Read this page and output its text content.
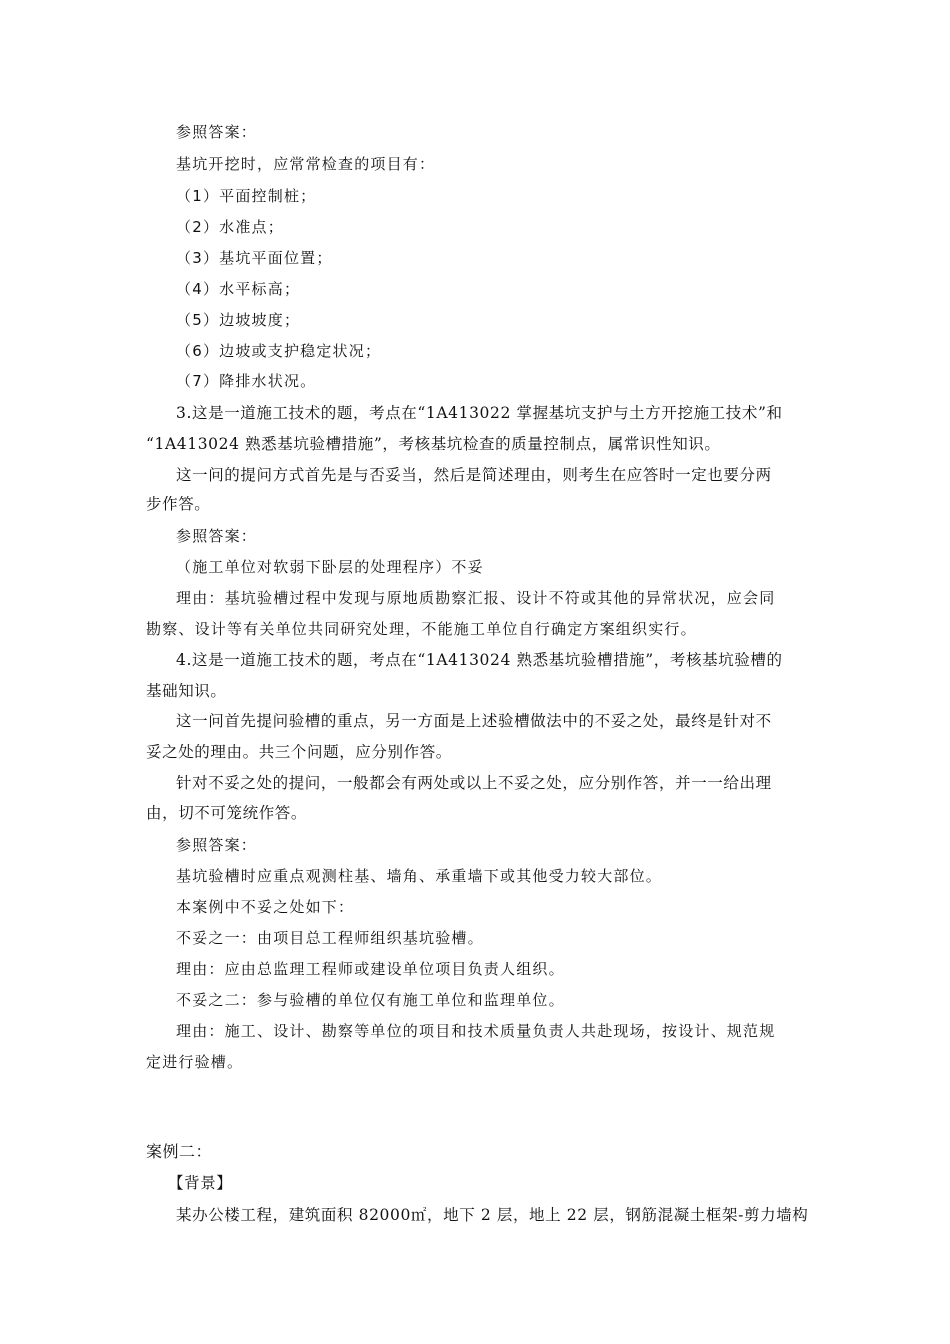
参照答案：
基坑开挖时，应常常检查的项目有：
（1）平面控制桩；
（2）水准点；
（3）基坑平面位置；
（4）水平标高；
（5）边坡坡度；
（6）边坡或支护稳定状况；
（7）降排水状况。
3.这是一道施工技术的题，考点在“1A413022 掌握基坑支护与土方开挖施工技术”和
“1A413024 熟悉基坑验槽措施”，考核基坑检查的质量控制点，属常识性知识。
这一问的提问方式首先是与否妥当，然后是简述理由，则考生在应答时一定也要分两
步作答。
参照答案：
（施工单位对软弱下卧层的处理程序）不妥
理由：基坑验槽过程中发现与原地质勘察汇报、设计不符或其他的异常状况，应会同
勘察、设计等有关单位共同研究处理，不能施工单位自行确定方案组织实行。
4.这是一道施工技术的题，考点在“1A413024 熟悉基坑验槽措施”，考核基坑验槽的
基础知识。
这一问首先提问验槽的重点，另一方面是上述验槽做法中的不妥之处，最终是针对不
妥之处的理由。共三个问题，应分别作答。
针对不妥之处的提问，一般都会有两处或以上不妥之处，应分别作答，并一一给出理
由，切不可笼统作答。
参照答案：
基坑验槽时应重点观测柱基、墙角、承重墙下或其他受力较大部位。
本案例中不妥之处如下：
不妥之一：由项目总工程师组织基坑验槽。
理由：应由总监理工程师或建设单位项目负责人组织。
不妥之二：参与验槽的单位仅有施工单位和监理单位。
理由：施工、设计、勘察等单位的项目和技术质量负责人共赴现场，按设计、规范规
定进行验槽。
案例二：
【背景】
某办公楼工程，建筑面积 82000㎡，地下 2 层，地上 22 层，钢筋混凝土框架-剪力墙构
